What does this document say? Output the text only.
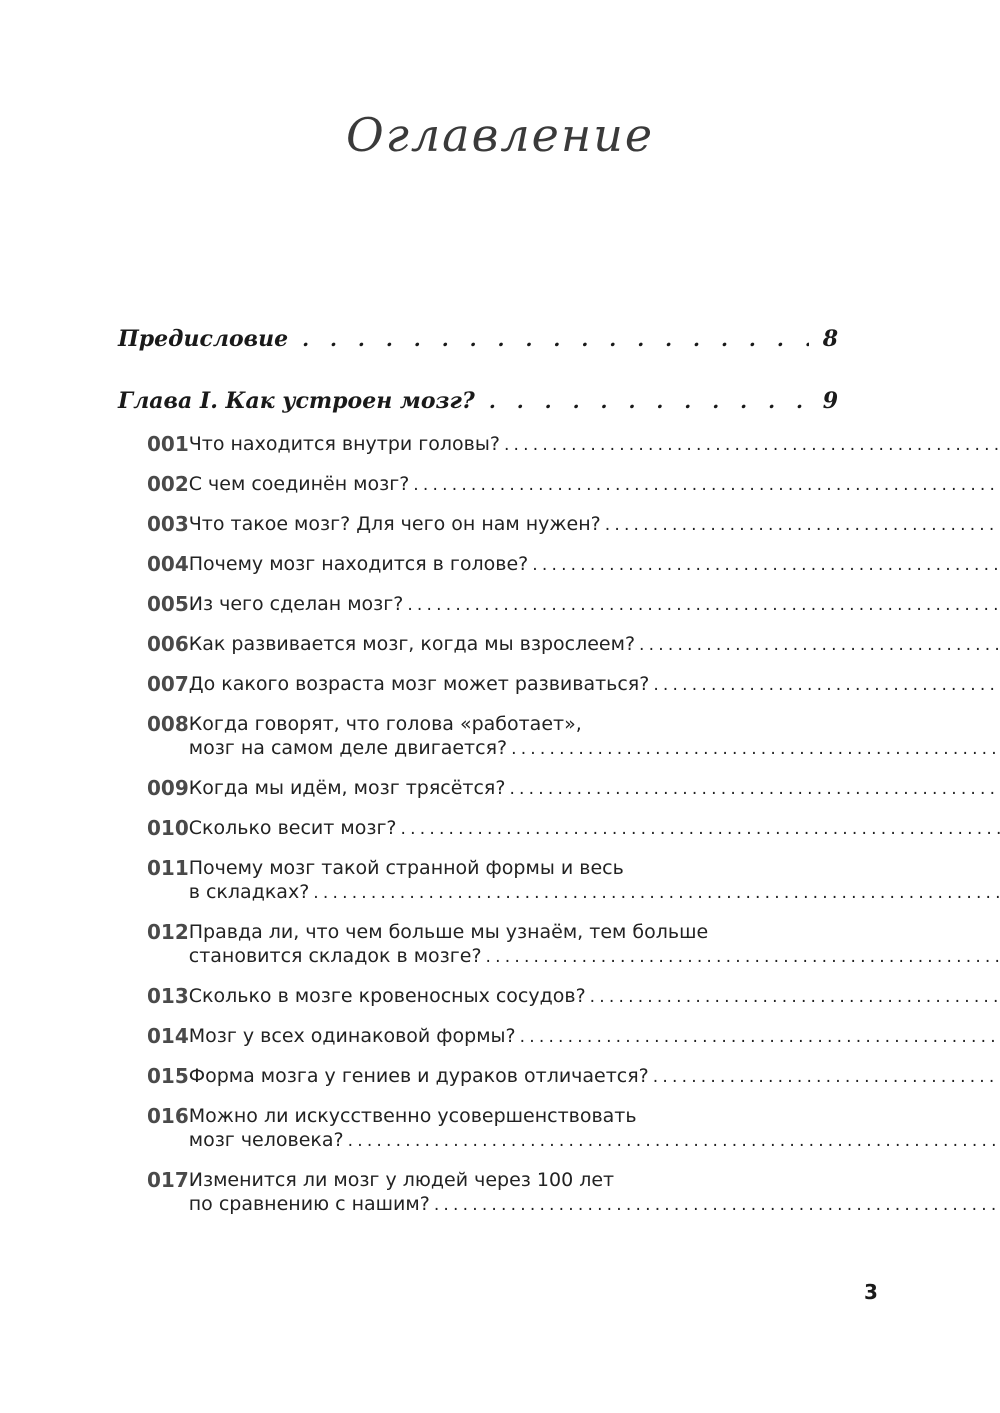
Оглавление
Предисловие . . .	8
Глава I. Как устроен мозг? . . .	9
001 Что находится внутри головы?
.....
002 С чем соединён мозг?
.....
003 Что такое мозг? Для чего он нам нужен?
.....
004 Почему мозг находится в голове?
.....
005 Из чего сделан мозг?
.....
006 Как развивается мозг, когда мы взрослеем?
.....
007 До какого возраста мозг может развиваться?
.....
008 Когда говорят, что голова «работает»,
мозг на самом деле двигается?
.....
009 Когда мы идём, мозг трясётся?
.....
010 Сколько весит мозг?
.....
011 Почему мозг такой странной формы и весь
в складках?
.....
012 Правда ли, что чем больше мы узнаём, тем больше
становится складок в мозге?
.....
013 Сколько в мозге кровеносных сосудов?
.....
014 Мозг у всех одинаковой формы?
.....
015 Форма мозга у гениев и дураков отличается?
.....
016 Можно ли искусственно усовершенствовать
мозг человека?
.....
017 Изменится ли мозг у людей через 100 лет
по сравнению с нашим?
.....
3
